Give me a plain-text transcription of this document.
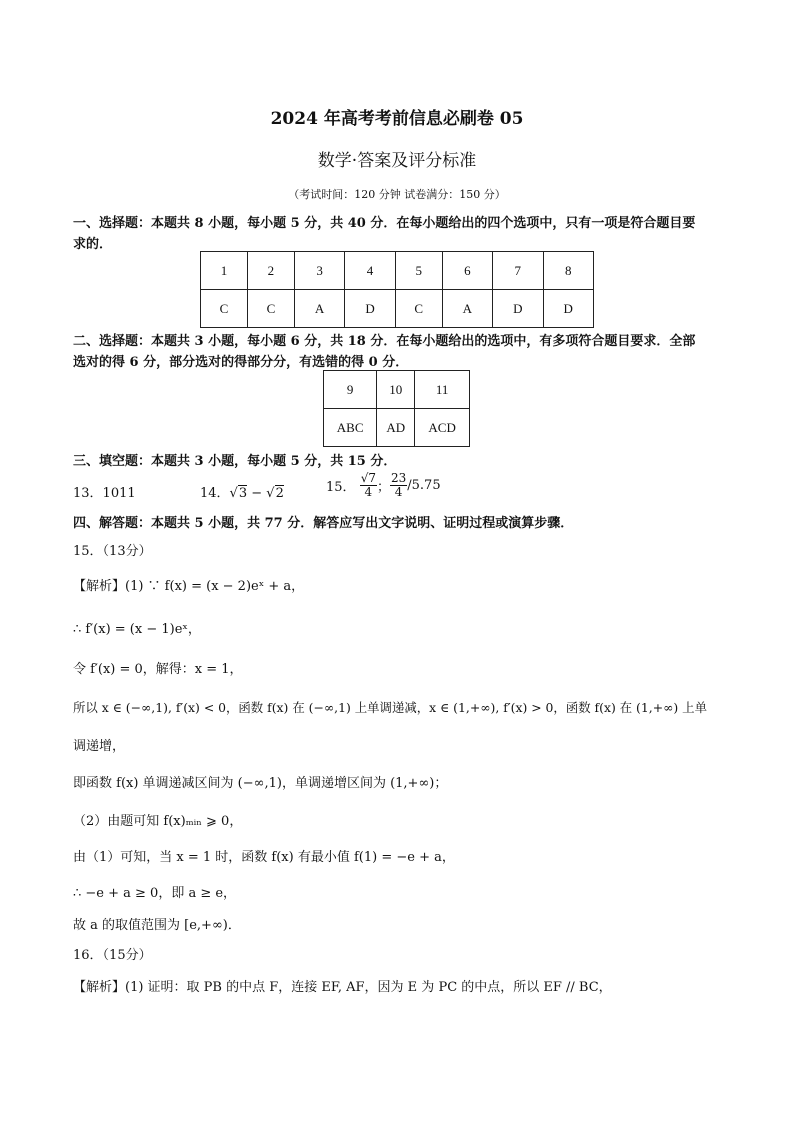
2024 年高考考前信息必刷卷 05
数学·答案及评分标准
（考试时间：120 分钟 试卷满分：150 分）
一、选择题：本题共 8 小题，每小题 5 分，共 40 分．在每小题给出的四个选项中，只有一项是符合题目要
求的．
1	2	3	4	5	6	7	8
C	C	A	D	C	A	D	D
二、选择题：本题共 3 小题，每小题 6 分，共 18 分．在每小题给出的选项中，有多项符合题目要求．全部
选对的得 6 分，部分选对的得部分分，有选错的得 0 分．
9	10	11
ABC	AD	ACD
三、填空题：本题共 3 小题，每小题 5 分，共 15 分．
13．1011	14．√3 − √2	15． $\frac{√7}{4}$ ； $\frac{23}{4} /5.75$
四、解答题：本题共 5 小题，共 77 分．解答应写出文字说明、证明过程或演算步骤．
15．（13分）
【解析】(1) ∵ f(x) = (x − 2)eˣ + a，
∴ f′(x) = (x − 1)eˣ，
令 f′(x) = 0，解得：x = 1，
所以 x ∈ (−∞,1), f′(x) < 0，函数 f(x) 在 (−∞,1) 上单调递减，x ∈ (1,+∞), f′(x) > 0，函数 f(x) 在 (1,+∞) 上单
调递增，
即函数 f(x) 单调递减区间为 (−∞,1)，单调递增区间为 (1,+∞)；
（2）由题可知 f(x)ₘᵢₙ ⩾ 0，
由（1）可知，当 x = 1 时，函数 f(x) 有最小值 f(1) = −e + a，
∴ −e + a ≥ 0，即 a ≥ e，
故 a 的取值范围为 [e,+∞)．
16．（15分）
【解析】(1) 证明：取 PB 的中点 F，连接 EF, AF，因为 E 为 PC 的中点，所以 EF // BC，
